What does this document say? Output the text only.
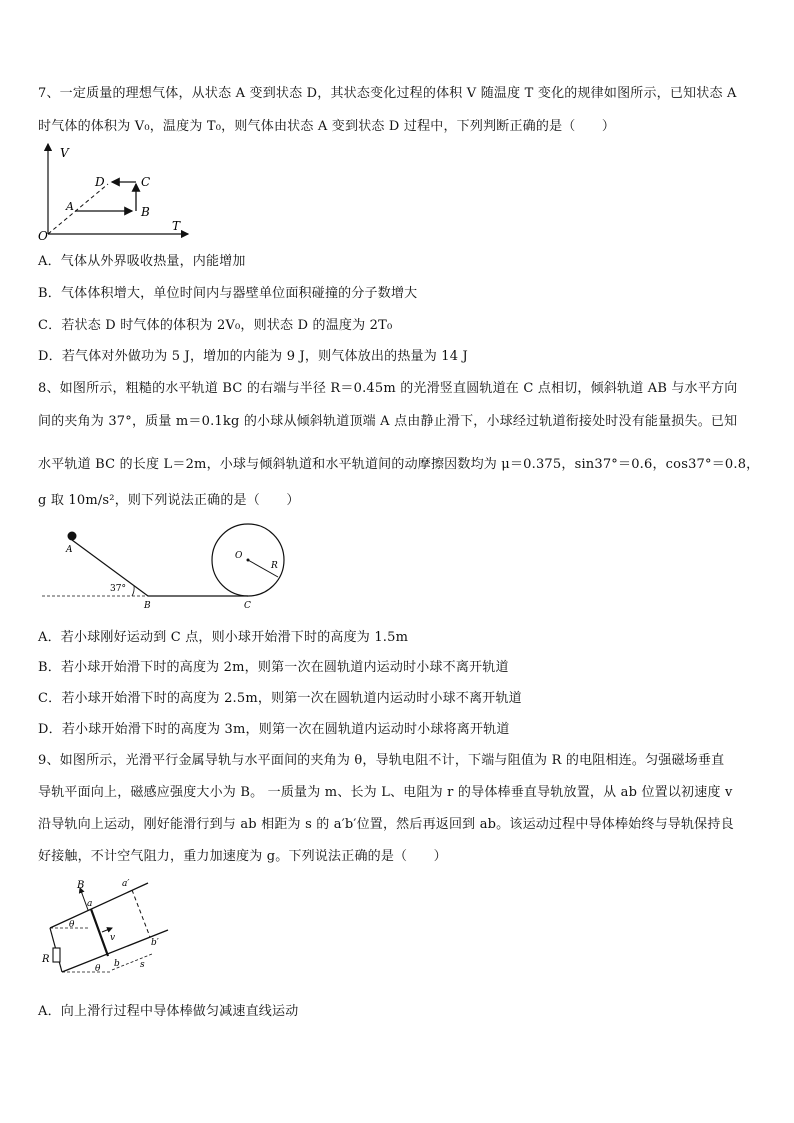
7、一定质量的理想气体，从状态 A 变到状态 D，其状态变化过程的体积 V 随温度 T 变化的规律如图所示，已知状态 A
时气体的体积为 V₀，温度为 T₀，则气体由状态 A 变到状态 D 过程中，下列判断正确的是（　　）
V
T
O
A	B
C
D
A．气体从外界吸收热量，内能增加
B．气体体积增大，单位时间内与器壁单位面积碰撞的分子数增大
C．若状态 D 时气体的体积为 2V₀，则状态 D 的温度为 2T₀
D．若气体对外做功为 5 J，增加的内能为 9 J，则气体放出的热量为 14 J
8、如图所示，粗糙的水平轨道 BC 的右端与半径 R＝0.45m 的光滑竖直圆轨道在 C 点相切，倾斜轨道 AB 与水平方向
间的夹角为 37°，质量 m＝0.1kg 的小球从倾斜轨道顶端 A 点由静止滑下，小球经过轨道衔接处时没有能量损失。已知
水平轨道 BC 的长度 L＝2m，小球与倾斜轨道和水平轨道间的动摩擦因数均为 μ＝0.375，sin37°＝0.6，cos37°＝0.8，
g 取 10m/s²，则下列说法正确的是（　　）
A
37°
B	C
O
R
A．若小球刚好运动到 C 点，则小球开始滑下时的高度为 1.5m
B．若小球开始滑下时的高度为 2m，则第一次在圆轨道内运动时小球不离开轨道
C．若小球开始滑下时的高度为 2.5m，则第一次在圆轨道内运动时小球不离开轨道
D．若小球开始滑下时的高度为 3m，则第一次在圆轨道内运动时小球将离开轨道
9、如图所示，光滑平行金属导轨与水平面间的夹角为 θ，导轨电阻不计，下端与阻值为 R 的电阻相连。匀强磁场垂直
导轨平面向上，磁感应强度大小为 B。 一质量为 m、长为 L、电阻为 r 的导体棒垂直导轨放置，从 ab 位置以初速度 v
沿导轨向上运动，刚好能滑行到与 ab 相距为 s 的 a′b′位置，然后再返回到 ab。该运动过程中导体棒始终与导轨保持良
好接触，不计空气阻力，重力加速度为 g。下列说法正确的是（　　）
B
a
a′
v
b
b′
R
θ
θ	s
A．向上滑行过程中导体棒做匀减速直线运动
